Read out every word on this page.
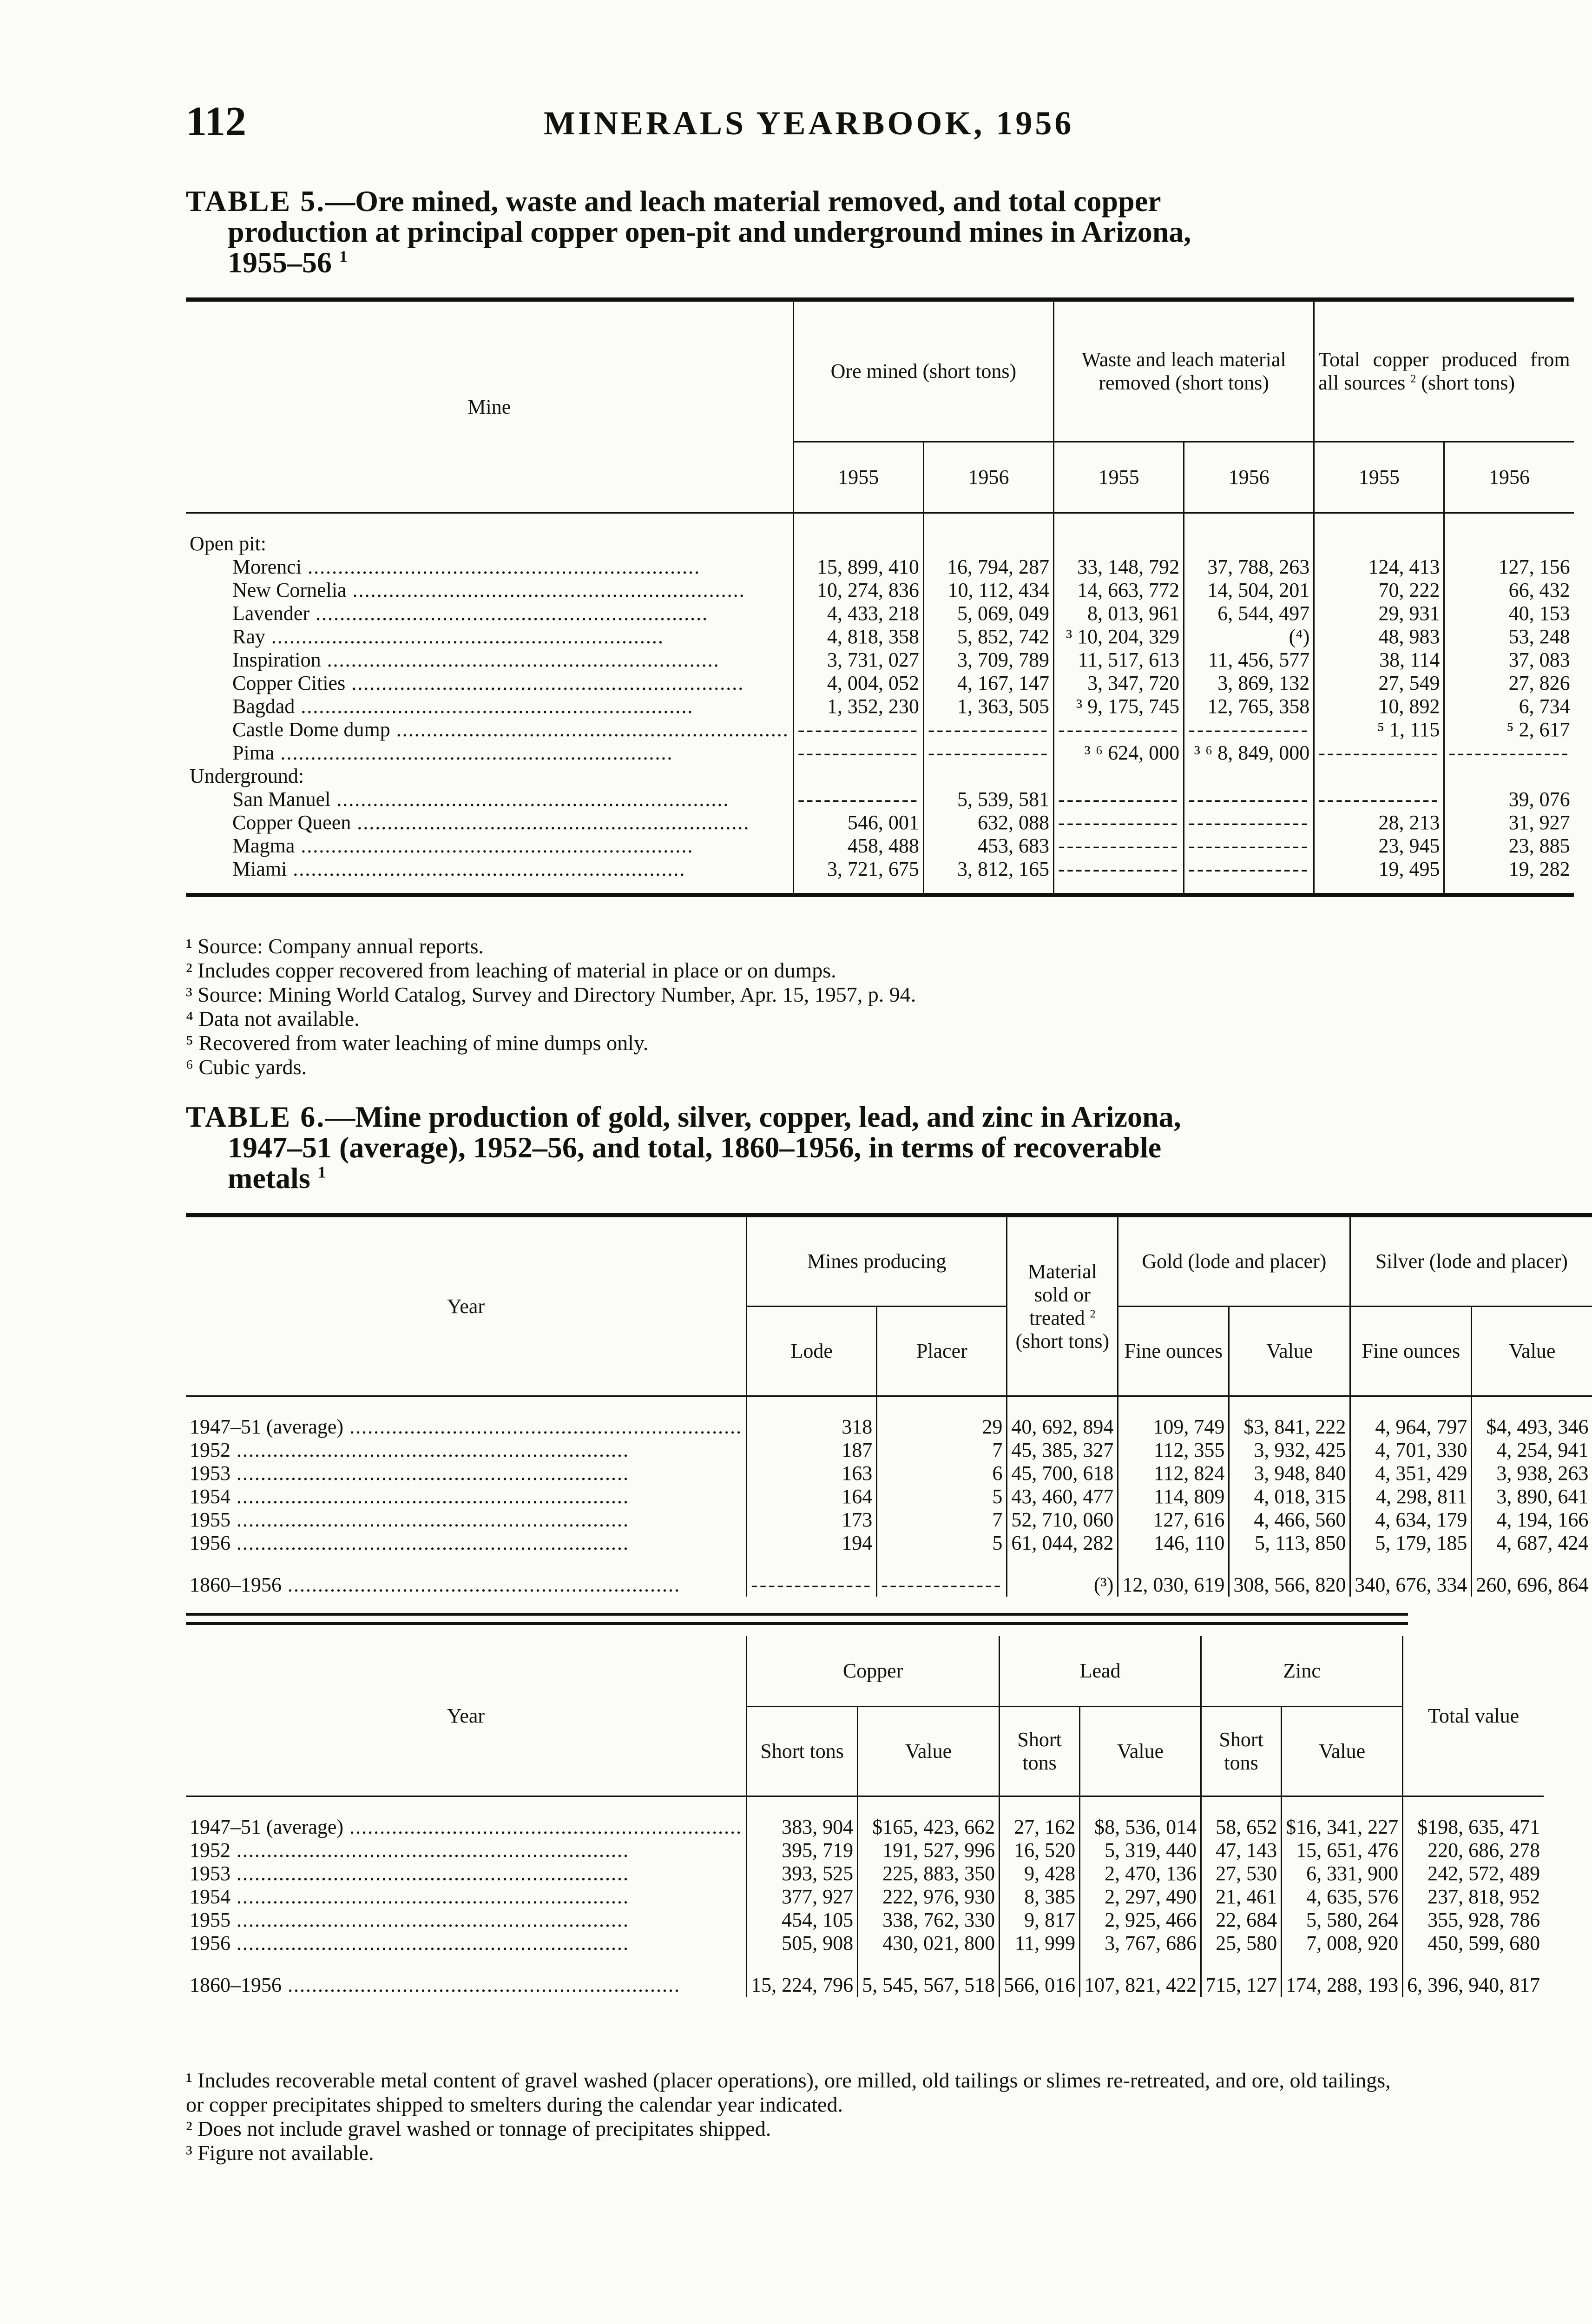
112	MINERALS YEARBOOK, 1956
TABLE 5.—Ore mined, waste and leach material removed, and total copper
production at principal copper open-pit and underground mines in Arizona,
1955–56 $^1$
Mine	Ore mined (short tons)		Waste and leach material removed (short tons)		Total copper produced from all sources $^2$ (short tons)	
	1955	1956	1955	1956	1955	1956

Open pit:						
Morenci .....	15, 899, 410	16, 794, 287	33, 148, 792	37, 788, 263	124, 413	127, 156
New Cornelia .....	10, 274, 836	10, 112, 434	14, 663, 772	14, 504, 201	70, 222	66, 432
Lavender .....	4, 433, 218	5, 069, 049	8, 013, 961	6, 544, 497	29, 931	40, 153
Ray .....	4, 818, 358	5, 852, 742	³ 10, 204, 329	(⁴)	48, 983	53, 248
Inspiration .....	3, 731, 027	3, 709, 789	11, 517, 613	11, 456, 577	38, 114	37, 083
Copper Cities .....	4, 004, 052	4, 167, 147	3, 347, 720	3, 869, 132	27, 549	27, 826
Bagdad .....	1, 352, 230	1, 363, 505	³ 9, 175, 745	12, 765, 358	10, 892	6, 734
Castle Dome dump .....	--------------	--------------	--------------	--------------	⁵ 1, 115	⁵ 2, 617
Pima .....	--------------	--------------	³ ⁶ 624, 000	³ ⁶ 8, 849, 000	--------------	--------------
Underground:						
San Manuel .....	--------------	5, 539, 581	--------------	--------------	--------------	39, 076
Copper Queen .....	546, 001	632, 088	--------------	--------------	28, 213	31, 927
Magma .....	458, 488	453, 683	--------------	--------------	23, 945	23, 885
Miami .....	3, 721, 675	3, 812, 165	--------------	--------------	19, 495	19, 282

¹ Source: Company annual reports.

² Includes copper recovered from leaching of material in place or on dumps.

³ Source: Mining World Catalog, Survey and Directory Number, Apr. 15, 1957, p. 94.

⁴ Data not available.

⁵ Recovered from water leaching of mine dumps only.

⁶ Cubic yards.

TABLE 6.—Mine production of gold, silver, copper, lead, and zinc in Arizona,
1947–51 (average), 1952–56, and total, 1860–1956, in terms of recoverable
metals $^1$
Year	Mines producing		Material sold or treated $^2$ (short tons)	Gold (lode and placer)		Silver (lode and placer)	
	Lode	Placer		Fine ounces	Value	Fine ounces	Value

1947–51 (average) .....	318	29	40, 692, 894	109, 749	$3, 841, 222	4, 964, 797	$4, 493, 346
1952 .....	187	7	45, 385, 327	112, 355	3, 932, 425	4, 701, 330	4, 254, 941
1953 .....	163	6	45, 700, 618	112, 824	3, 948, 840	4, 351, 429	3, 938, 263
1954 .....	164	5	43, 460, 477	114, 809	4, 018, 315	4, 298, 811	3, 890, 641
1955 .....	173	7	52, 710, 060	127, 616	4, 466, 560	4, 634, 179	4, 194, 166
1956 .....	194	5	61, 044, 282	146, 110	5, 113, 850	5, 179, 185	4, 687, 424

1860–1956 .....	--------------	--------------	(³)	12, 030, 619	308, 566, 820	340, 676, 334	260, 696, 864
Year	Copper		Lead		Zinc		Total value
	Short tons	Value	Short tons	Value	Short tons	Value	

1947–51 (average) .....	383, 904	$165, 423, 662	27, 162	$8, 536, 014	58, 652	$16, 341, 227	$198, 635, 471
1952 .....	395, 719	191, 527, 996	16, 520	5, 319, 440	47, 143	15, 651, 476	220, 686, 278
1953 .....	393, 525	225, 883, 350	9, 428	2, 470, 136	27, 530	6, 331, 900	242, 572, 489
1954 .....	377, 927	222, 976, 930	8, 385	2, 297, 490	21, 461	4, 635, 576	237, 818, 952
1955 .....	454, 105	338, 762, 330	9, 817	2, 925, 466	22, 684	5, 580, 264	355, 928, 786
1956 .....	505, 908	430, 021, 800	11, 999	3, 767, 686	25, 580	7, 008, 920	450, 599, 680

1860–1956 .....	15, 224, 796	5, 545, 567, 518	566, 016	107, 821, 422	715, 127	174, 288, 193	6, 396, 940, 817

¹ Includes recoverable metal content of gravel washed (placer operations), ore milled, old tailings or slimes re-retreated, and ore, old tailings, or copper precipitates shipped to smelters during the calendar year indicated.

² Does not include gravel washed or tonnage of precipitates shipped.

³ Figure not available.
